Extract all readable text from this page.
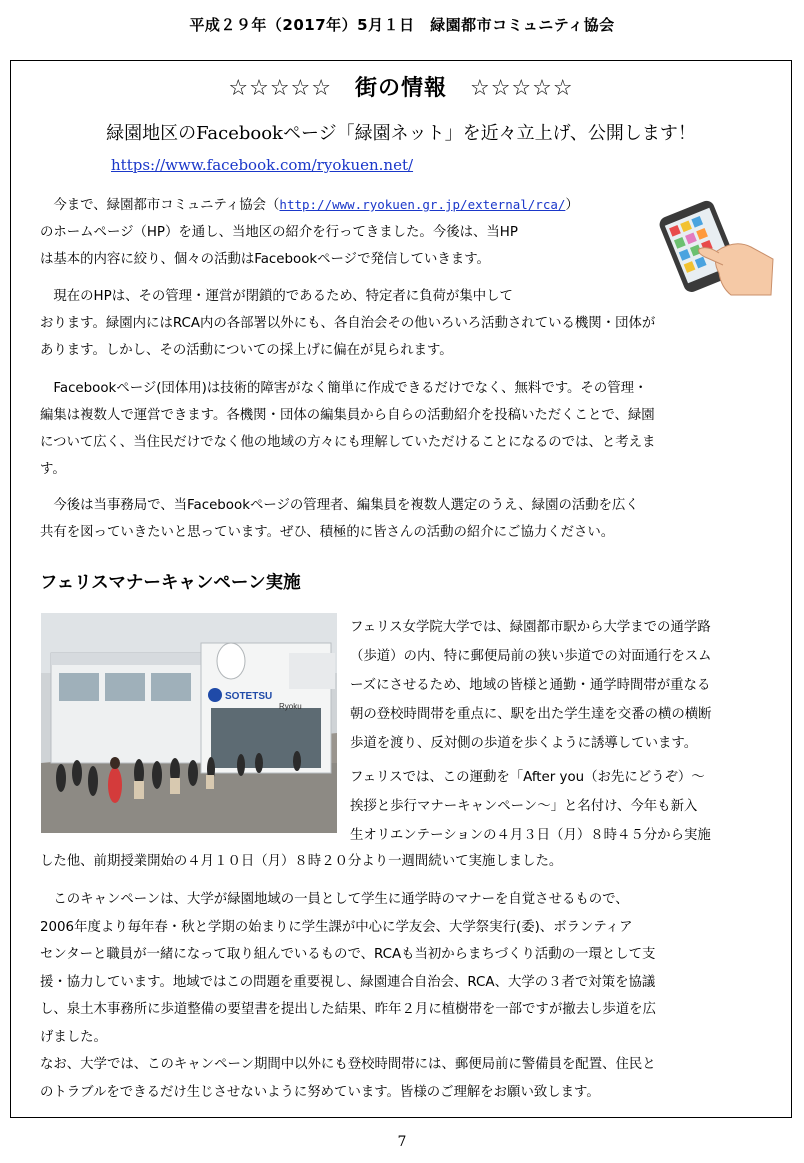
平成２９年（2017年）5月１日　緑園都市コミュニティ協会
☆☆☆☆☆　街の情報　☆☆☆☆☆
緑園地区のFacebookページ「緑園ネット」を近々立上げ、公開します！
https://www.facebook.com/ryokuen.net/

　今まで、緑園都市コミュニティ協会（http://www.ryokuen.gr.jp/external/rca/）
のホームページ（HP）を通し、当地区の紹介を行ってきました。今後は、当HP
は基本的内容に絞り、個々の活動はFacebookページで発信していきます。

　現在のHPは、その管理・運営が閉鎖的であるため、特定者に負荷が集中して
おります。緑園内にはRCA内の各部署以外にも、各自治会その他いろいろ活動されている機関・団体が
あります。しかし、その活動についての採上げに偏在が見られます。

　Facebookページ(団体用)は技術的障害がなく簡単に作成できるだけでなく、無料です。その管理・
編集は複数人で運営できます。各機関・団体の編集員から自らの活動紹介を投稿いただくことで、緑園
について広く、当住民だけでなく他の地域の方々にも理解していただけることになるのでは、と考えま
す。

　今後は当事務局で、当Facebookページの管理者、編集員を複数人選定のうえ、緑園の活動を広く
共有を図っていきたいと思っています。ぜひ、積極的に皆さんの活動の紹介にご協力ください。

フェリスマナーキャンペーン実施
SOTETSU
Ryoku

フェリス女学院大学では、緑園都市駅から大学までの通学路
（歩道）の内、特に郵便局前の狭い歩道での対面通行をスム
ーズにさせるため、地域の皆様と通勤・通学時間帯が重なる
朝の登校時間帯を重点に、駅を出た学生達を交番の横の横断
歩道を渡り、反対側の歩道を歩くように誘導しています。

フェリスでは、この運動を「After you（お先にどうぞ）～
挨拶と歩行マナーキャンペーン～」と名付け、今年も新入
生オリエンテーションの４月３日（月）８時４５分から実施

した他、前期授業開始の４月１０日（月）８時２０分より一週間続いて実施しました。

　このキャンペーンは、大学が緑園地域の一員として学生に通学時のマナーを自覚させるもので、
2006年度より毎年春・秋と学期の始まりに学生課が中心に学友会、大学祭実行(委)、ボランティア
センターと職員が一緒になって取り組んでいるもので、RCAも当初からまちづくり活動の一環として支
援・協力しています。地域ではこの問題を重要視し、緑園連合自治会、RCA、大学の３者で対策を協議
し、泉土木事務所に歩道整備の要望書を提出した結果、昨年２月に植樹帯を一部ですが撤去し歩道を広
げました。
なお、大学では、このキャンペーン期間中以外にも登校時間帯には、郵便局前に警備員を配置、住民と
のトラブルをできるだけ生じさせないように努めています。皆様のご理解をお願い致します。

7
